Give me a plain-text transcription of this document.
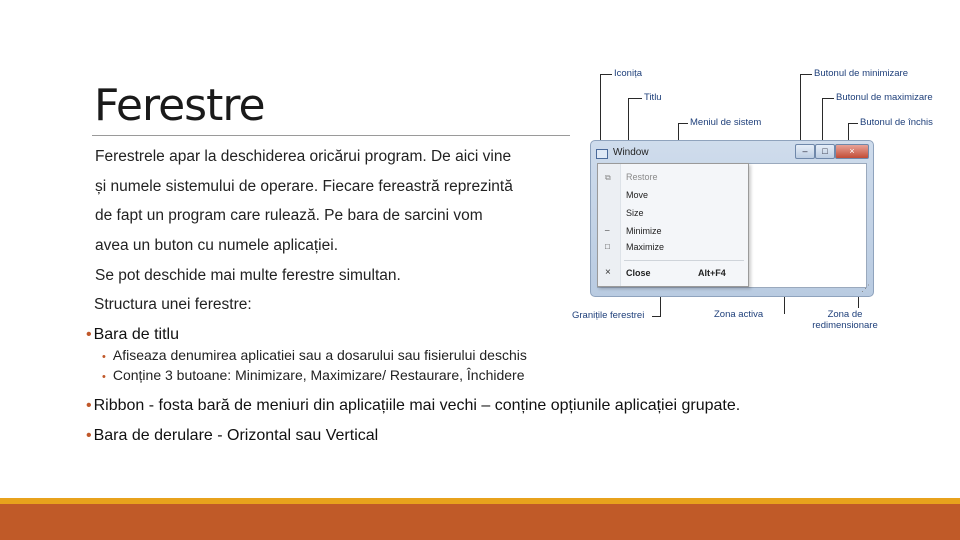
Ferestre
Ferestrele apar la deschiderea oricărui program. De aici vine
și numele sistemului de operare. Fiecare fereastră reprezintă
de fapt un program care rulează. Pe bara de sarcini vom
avea un buton cu numele aplicației.
Se pot deschide mai multe ferestre simultan.
Structura unei ferestre:
• Bara de titlu
• Afiseaza denumirea aplicatiei sau a dosarului sau fisierului deschis
• Conține 3 butoane: Minimizare, Maximizare/ Restaurare, Închidere
• Ribbon - fosta bară de meniuri din aplicațiile mai vechi – conține opțiunile aplicației grupate.
• Bara de derulare - Orizontal sau Vertical
Iconița
Titlu
Meniul de sistem
Butonul de minimizare
Butonul de maximizare
Butonul de închis
Granițile ferestrei	Zona activa	Zona de redimensionare
Window	–	□	×
⋰
⧉ Restore
Move
Size
_ Minimize
□ Maximize
× Close	Alt+F4
